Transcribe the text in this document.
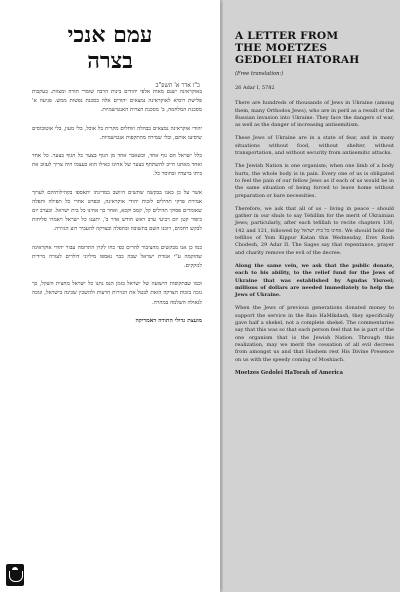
עמם אנכי
בצרה
כ"ו אדר א' תשפ"ב

באוקראינה ישנם מאות אלפי יהודים בינות הרבה שומרי תורה ומצוות. בעקבות פלישת רוסיא לאוקראינה נמצאים יהודים אלה בסכנת נפשות ממש. פגיעה א' מסכנת המלחמה, ב' מסכנת הצרות האנטישמיות.

יהודי אוקראינה נמצאים בבהלה וזוחלים מקרית בל אוכל, בלי מעון, בלי אוטובוסים שיסיעו אותם, ובלי שמירה מהתקפות אנטישמיות.

כלל ישראל הם גוף אחד, וכשאבר אחד מן הגוף בצער כל הגוף בצער. כל אחד ואחד מאתנו חייב להשתתף בצער של אחינו כאילו הוא בעצמו היה צריך לעזוב את ביתו ברעדה ובחוסר כל.

אשר על כן באנו בבקשה שתשים היושב במדינתו יתאספו בקהילותיהם לערוך אמירת פרקי תהילים לזכות יהודי אוקראינה, ובפרט אחרי כל תפילה ותפלה שאומרים פסוקי תהילים קל, קמב וקכא, ואחר כך אחינו כל בית ישראל. ובערב יום כיפור קטן יום רביעי ערב ראש חודש אדר ב', יתענו כל ישראל ויאמרו סליחות לבקש רחמים, ויזכנו השם בתשובה ובתפלה ובצדקה להעביר רוע הגזירה.

כמו כן אנו מבקשים מהציבור להרים כפי כחו לקרן התרומה עבור יהודי אוקראינה שהוקמה ע"י אגודת ישראל שבה כבר נאספו מיליוני דולרים לעזרה מיידית לנזקקים.

וכמו שבתקופות הישועה של ישראל בזמן הנס נתנו כל ישראל מחצית השקל, כך נזכה בזכות הצדקה הזאת לבטל את הגזירות הרעות ולהשכין שכינה בישראל, ונזכה לגאולה השלמה במהרה.

מועצת גדולי התורה דאמריקה

A LETTER FROM
THE MOETZES
GEDOLEI HATORAH
(Free translation:)

26 Adar I, 5782

There are hundreds of thousands of Jews in Ukraine (among them, many Orthodox Jews), who are in peril as a result of the Russian invasion into Ukraine. They face the dangers of war, as well as the danger of increasing antisemitism.

These Jews of Ukraine are in a state of fear, and in many situations without food, without shelter, without transportation, and without security from antisemitic attacks.

The Jewish Nation is one organism; when one limb of a body hurts, the whole body is in pain. Every one of us is obligated to feel the pain of our fellow Jews as if each of us would be in the same situation of being forced to leave home without preparation or bare necessities.

Therefore, we ask that all of us – living in peace – should gather in our shuls to say Tehillim for the merit of Ukrainian Jews; particularly, after each tefillah to recite chapters 130, 142 and 121, followed by אחינו כל בית ישראל. We should hold the tefillos of Yom Kippur Katan this Wednesday, Erev Rosh Chodesh, 29 Adar II. The Sages say that repentance, prayer and charity remove the evil of the decree.

Along the same vein, we ask that the public donate, each to his ability, to the relief fund for the Jews of Ukraine that was established by Agudas Yisroel; millions of dollars are needed immediately to help the Jews of Ukraine.

When the Jews of previous generations donated money to support the service in the Bais HaMikdash, they specifically gave half a shekel, not a complete shekel. The commentaries say that this was so that each person feel that he is part of the one organism that is the Jewish Nation. Through this realization, may we merit the cessation of all evil decrees from amongst us and that Hashem rest His Divine Presence on us with the speedy coming of Moshiach.

Moetzes Gedolei HaTorah of America
